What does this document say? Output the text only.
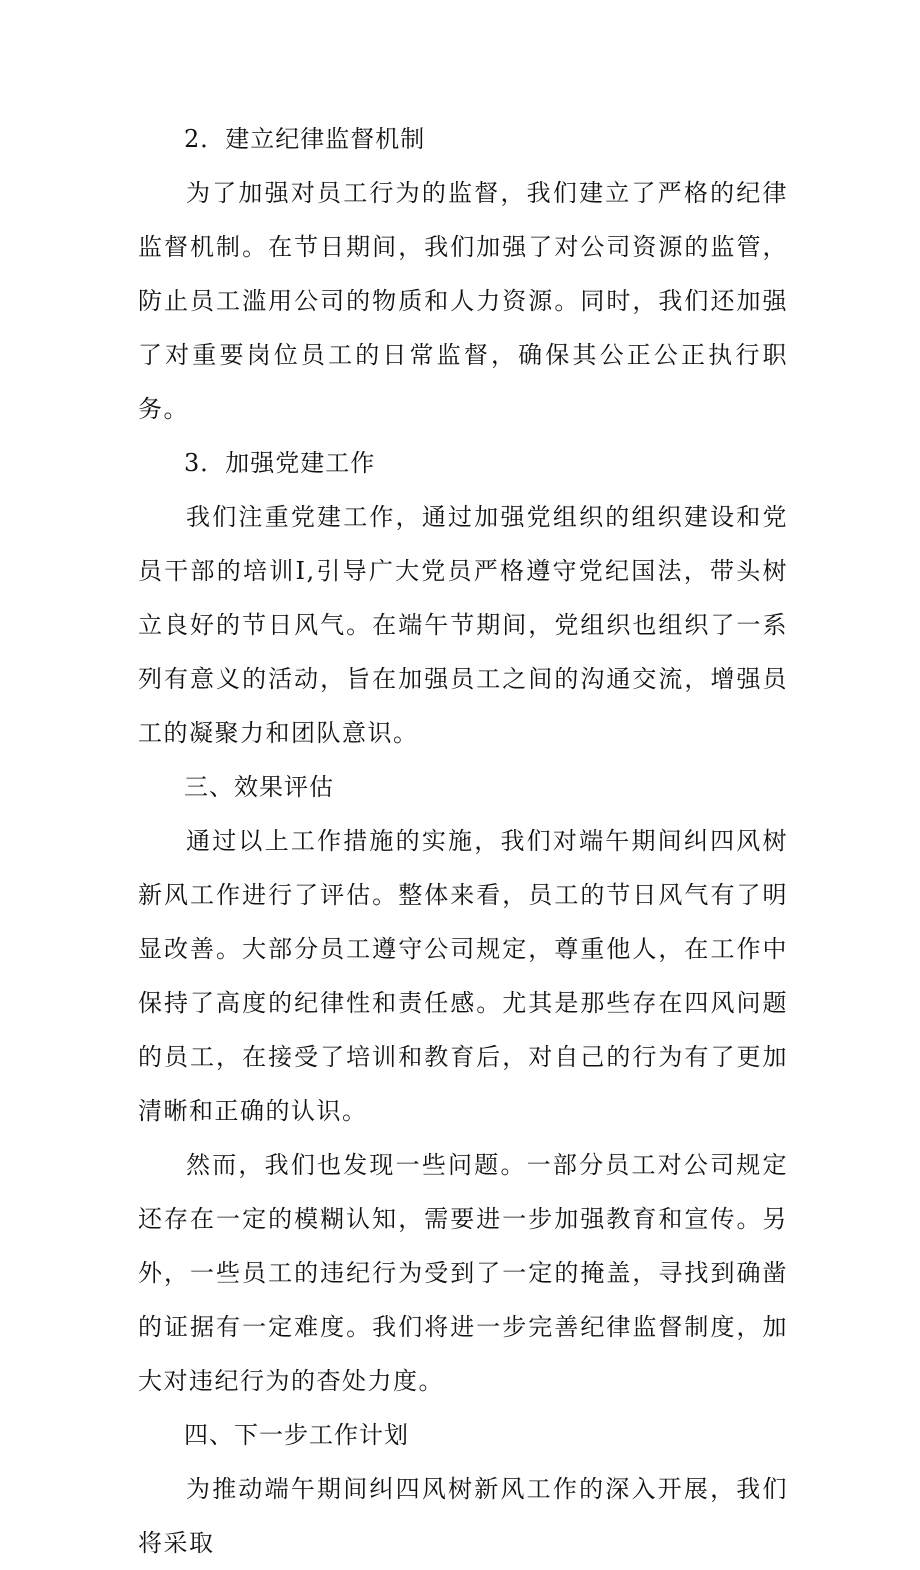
2．建立纪律监督机制

为了加强对员工行为的监督，我们建立了严格的纪律监督机制。在节日期间，我们加强了对公司资源的监管，防止员工滥用公司的物质和人力资源。同时，我们还加强了对重要岗位员工的日常监督，确保其公正公正执行职务。

3．加强党建工作

我们注重党建工作，通过加强党组织的组织建设和党员干部的培训I,引导广大党员严格遵守党纪国法，带头树立良好的节日风气。在端午节期间，党组织也组织了一系列有意义的活动，旨在加强员工之间的沟通交流，增强员工的凝聚力和团队意识。

三、效果评估

通过以上工作措施的实施，我们对端午期间纠四风树新风工作进行了评估。整体来看，员工的节日风气有了明显改善。大部分员工遵守公司规定，尊重他人，在工作中保持了高度的纪律性和责任感。尤其是那些存在四风问题的员工，在接受了培训和教育后，对自己的行为有了更加清晰和正确的认识。

然而，我们也发现一些问题。一部分员工对公司规定还存在一定的模糊认知，需要进一步加强教育和宣传。另外，一些员工的违纪行为受到了一定的掩盖，寻找到确凿的证据有一定难度。我们将进一步完善纪律监督制度，加大对违纪行为的杳处力度。

四、下一步工作计划

为推动端午期间纠四风树新风工作的深入开展，我们将采取
